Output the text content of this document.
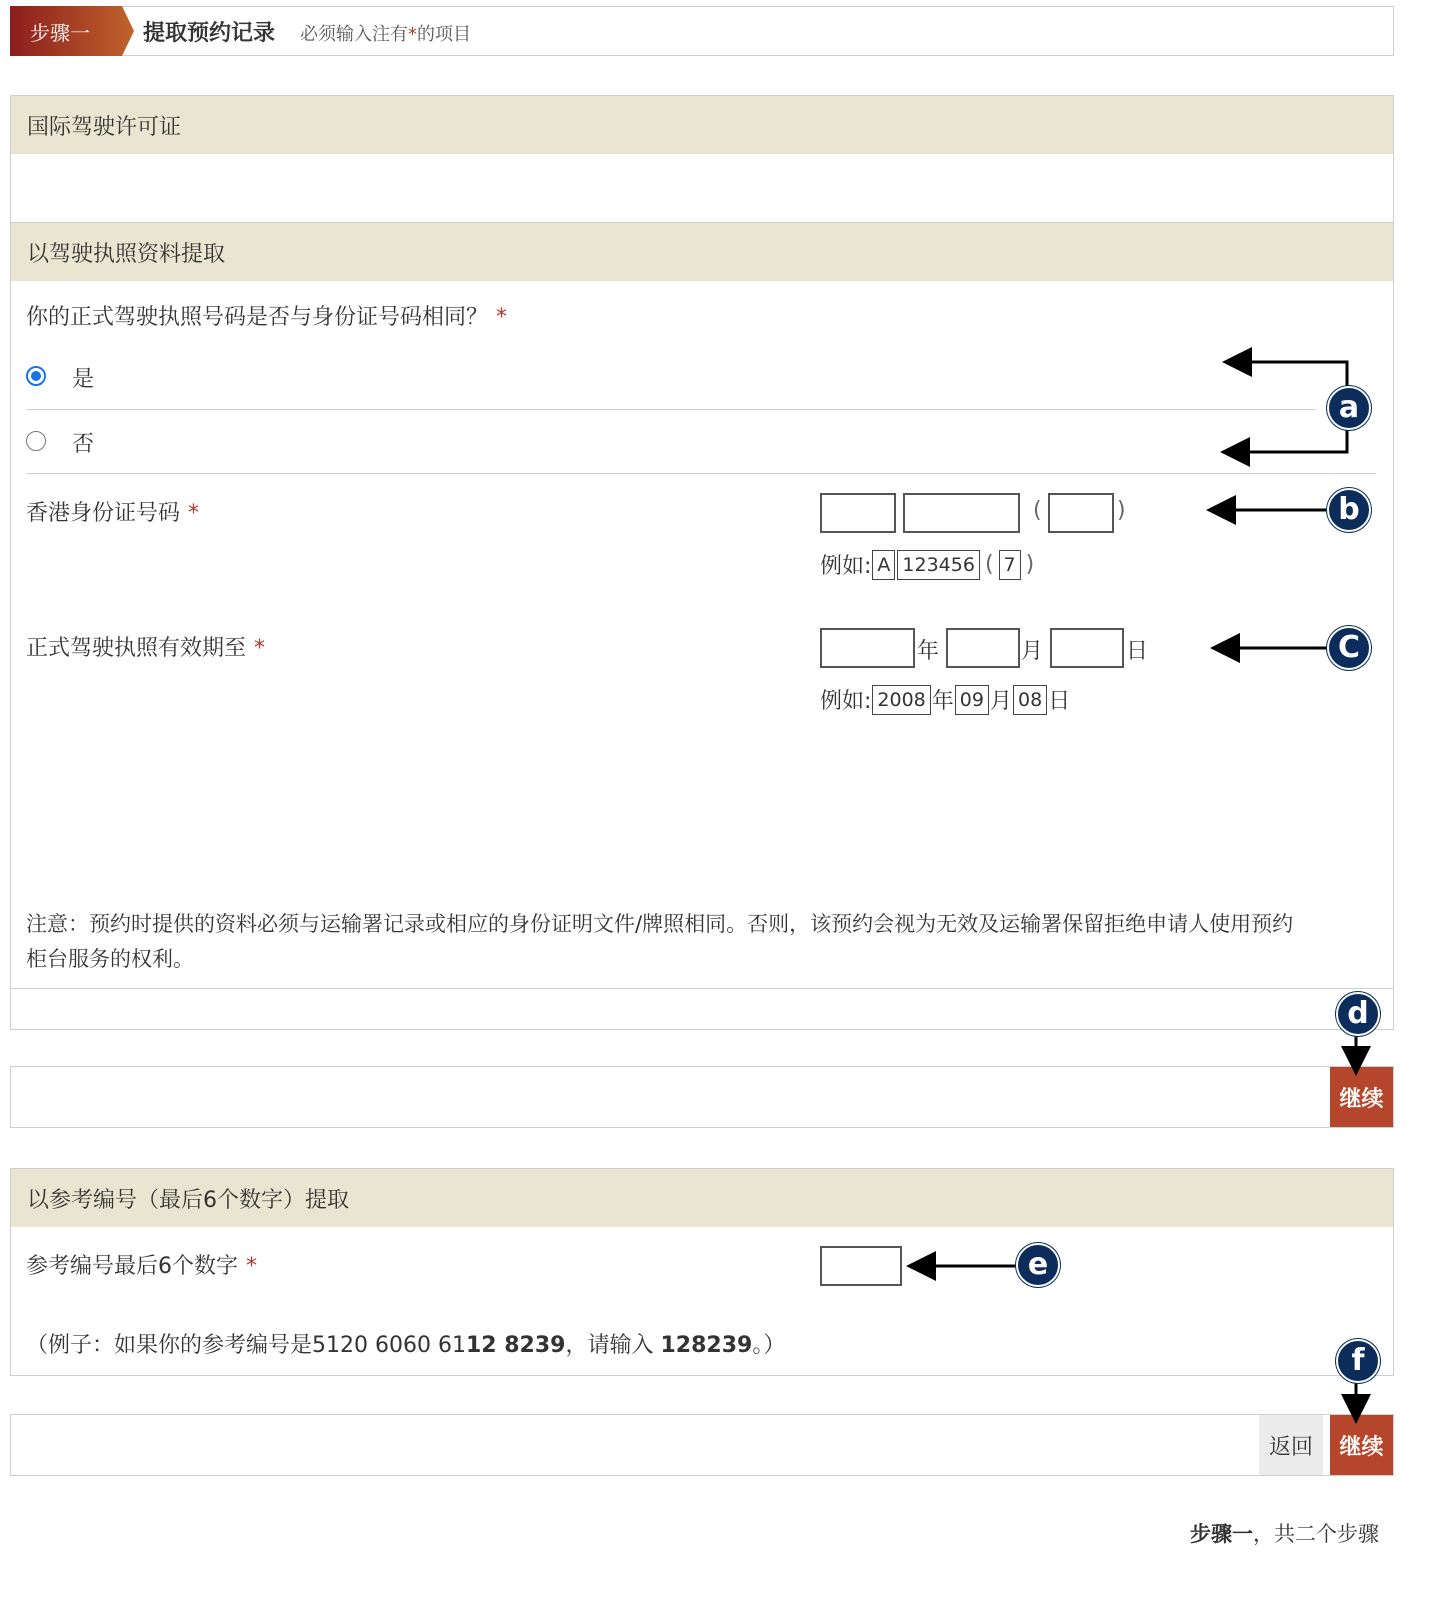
步骤一 提取预约记录 必须输入注有*的项目
国际驾驶许可证
以驾驶执照资料提取
你的正式驾驶执照号码是否与身份证号码相同？ *
是
否
香港身份证号码 *	(	)
例如: A 123456 ( 7 )
正式驾驶执照有效期至 *	年	月	日
例如: 2008 年 09 月 08 日
注意：预约时提供的资料必须与运输署记录或相应的身份证明文件/牌照相同。否则，该预约会视为无效及运输署保留拒绝申请人使用预约
柜台服务的权利。
继续
以参考编号（最后6个数字）提取
参考编号最后6个数字 *
（例子：如果你的参考编号是5120 6060 6112 8239，请输入 128239。）
返回	继续
步骤一，共二个步骤
a
b
C
d
e
f
